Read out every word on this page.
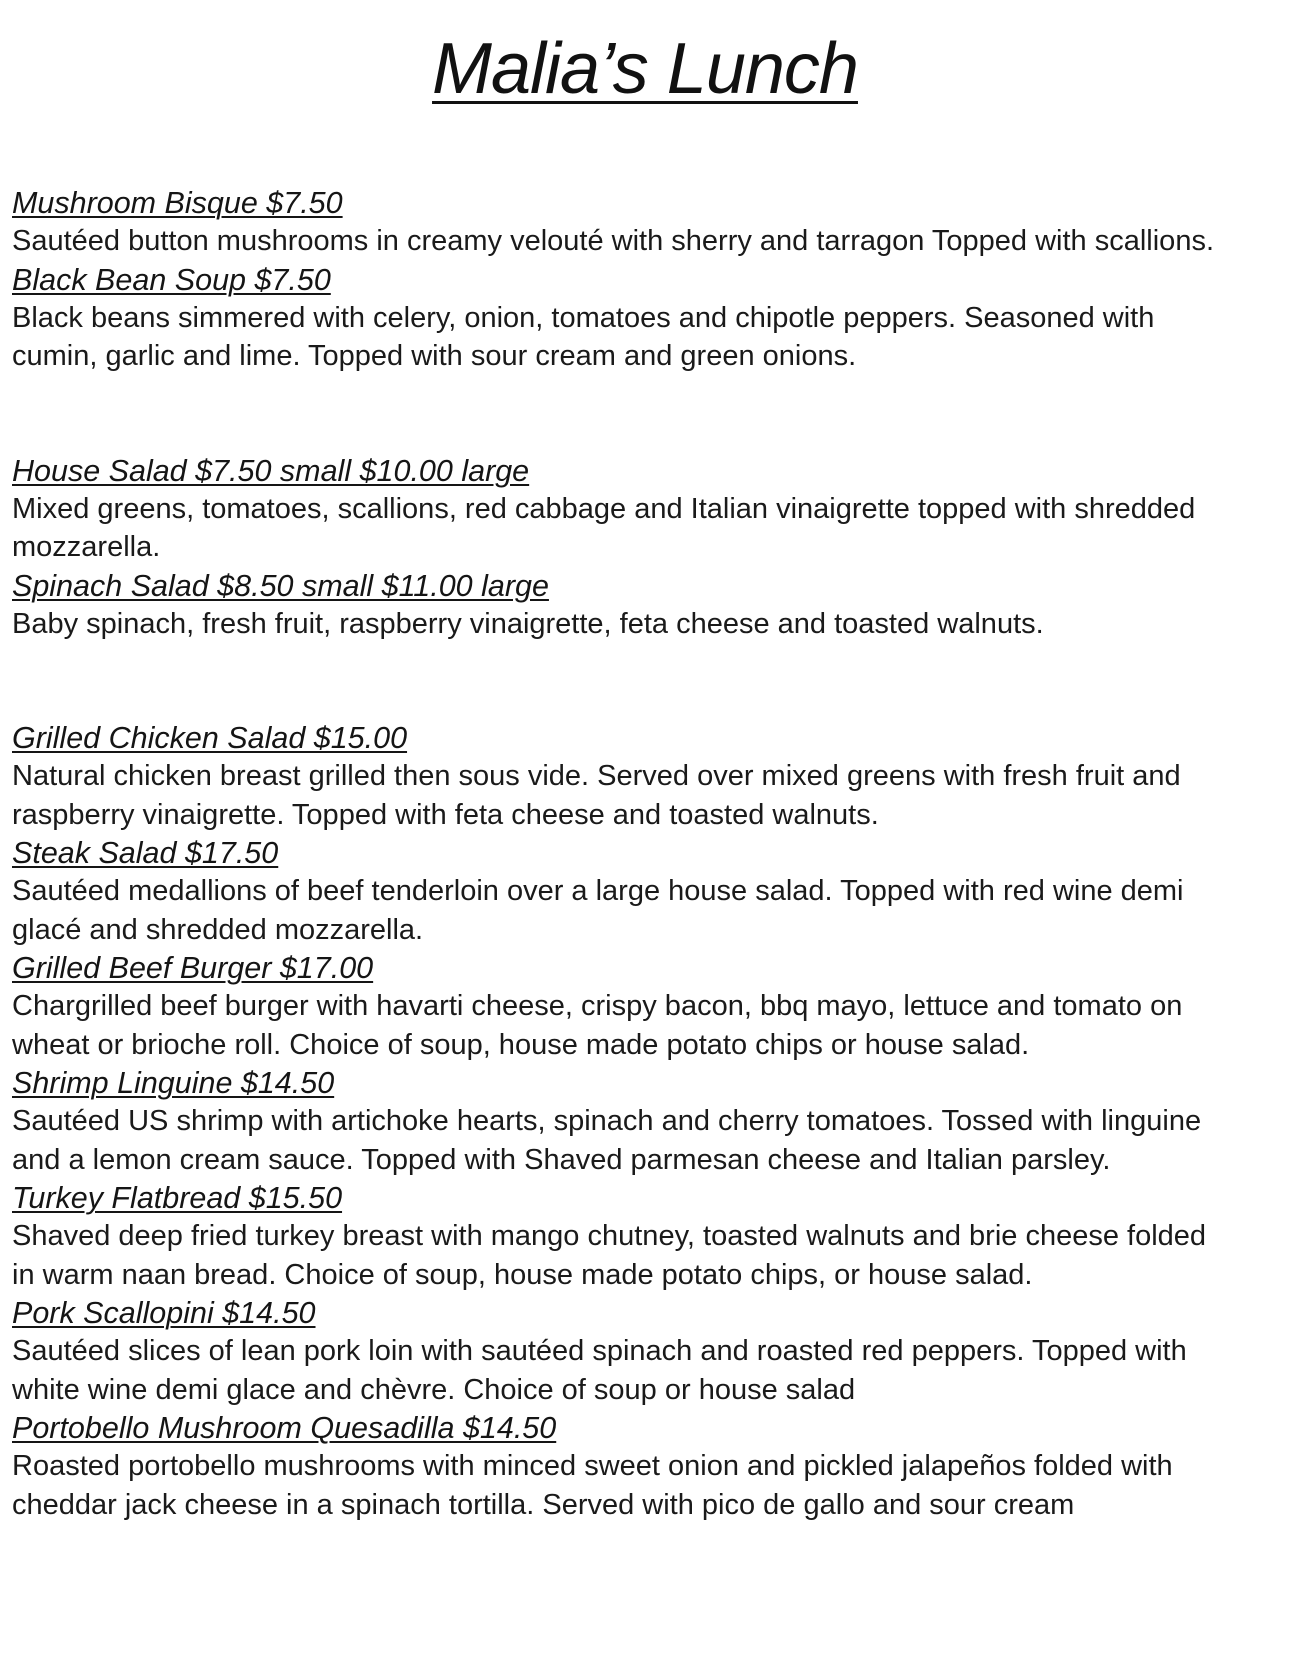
Malia’s Lunch
Mushroom Bisque $7.50

Sautéed button mushrooms in creamy velouté with sherry and tarragon Topped with scallions.

Black Bean Soup $7.50

Black beans simmered with celery, onion, tomatoes and chipotle peppers. Seasoned with cumin, garlic and lime. Topped with sour cream and green onions.

House Salad $7.50 small $10.00 large

Mixed greens, tomatoes, scallions, red cabbage and Italian vinaigrette topped with shredded mozzarella.

Spinach Salad $8.50 small $11.00 large

Baby spinach, fresh fruit, raspberry vinaigrette, feta cheese and toasted walnuts.

Grilled Chicken Salad $15.00

Natural chicken breast grilled then sous vide. Served over mixed greens with fresh fruit and raspberry vinaigrette. Topped with feta cheese and toasted walnuts.

Steak Salad $17.50

Sautéed medallions of beef tenderloin over a large house salad. Topped with red wine demi glacé and shredded mozzarella.

Grilled Beef Burger $17.00

Chargrilled beef burger with havarti cheese, crispy bacon, bbq mayo, lettuce and tomato on wheat or brioche roll. Choice of soup, house made potato chips or house salad.

Shrimp Linguine $14.50

Sautéed US shrimp with artichoke hearts, spinach and cherry tomatoes. Tossed with linguine and a lemon cream sauce. Topped with Shaved parmesan cheese and Italian parsley.

Turkey Flatbread $15.50

Shaved deep fried turkey breast with mango chutney, toasted walnuts and brie cheese folded in warm naan bread. Choice of soup, house made potato chips, or house salad.

Pork Scallopini $14.50

Sautéed slices of lean pork loin with sautéed spinach and roasted red peppers. Topped with white wine demi glace and chèvre. Choice of soup or house salad

Portobello Mushroom Quesadilla $14.50

Roasted portobello mushrooms with minced sweet onion and pickled jalapeños folded with cheddar jack cheese in a spinach tortilla. Served with pico de gallo and sour cream
